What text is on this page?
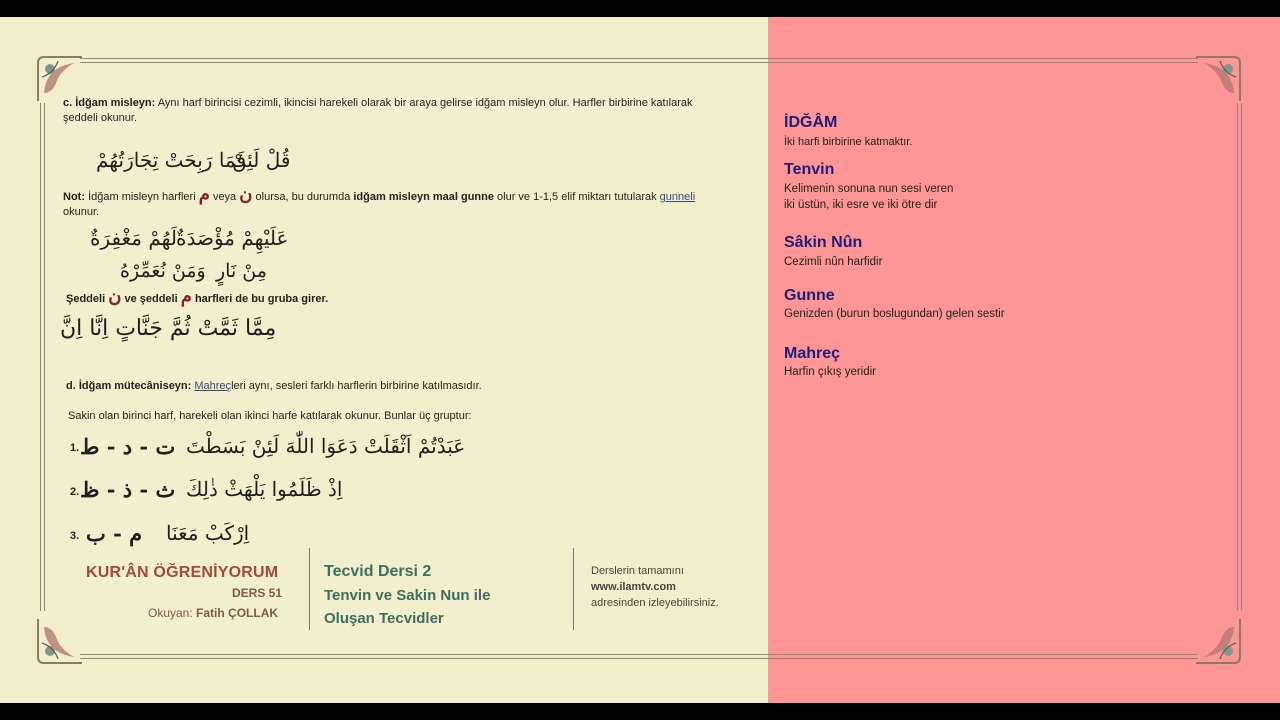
c. İdğam misleyn: Aynı harf birincisi cezimli, ikincisi harekeli olarak bir araya gelirse idğam misleyn olur. Harfler birbirine katılarak şeddeli okunur.
فَمَا رَبِحَتْ تِجَارَتُهُمْ
قُلْ لَئِنْ
Not: İdğam misleyn harfleri م veya ن olursa, bu durumda idğam misleyn maal gunne olur ve 1-1,5 elif miktarı tutularak gunneli okunur.
لَهُمْ مَغْفِرَةٌ عَلَيْهِمْ مُؤْصَدَةٌ
وَمَنْ نُعَمِّرْهُ مِنْ نَارٍ
Şeddeli ن ve şeddeli م harfleri de bu gruba girer.
مِمَّا ثَمَّتْ ثُمَّ جَنَّاتٍ اِنَّا اِنَّ
d. İdğam mütecâniseyn: Mahreçleri aynı, sesleri farklı harflerin birbirine katılmasıdır.
Sakin olan birinci harf, harekeli olan ikinci harfe katılarak okunur. Bunlar üç gruptur:
1. ت - د - ط عَبَدْتُمْ اَثْقَلَتْ دَعَوَا اللّٰهَ لَئِنْ بَسَطْتَ
2. ث - ذ - ظ اِذْ ظَلَمُوا يَلْهَثْ ذٰلِكَ
3. م - ب اِرْكَبْ مَعَنَا
KUR'ÂN ÖĞRENİYORUM
DERS 51
Okuyan: Fatih ÇOLLAK
Tecvid Dersi 2
Tenvin ve Sakin Nun ile
Oluşan Tecvidler
Derslerin tamamını
www.ilamtv.com
adresinden izleyebilirsiniz.
İDĞÂM
İki harfi birbirine katmaktır.
Tenvin
Kelimenin sonuna nun sesi veren
iki üstün, iki esre ve iki ötre dir
Sâkin Nûn
Cezimli nûn harfidir
Gunne
Genizden (burun boslugundan) gelen sestir
Mahreç
Harfin çıkış yeridir
